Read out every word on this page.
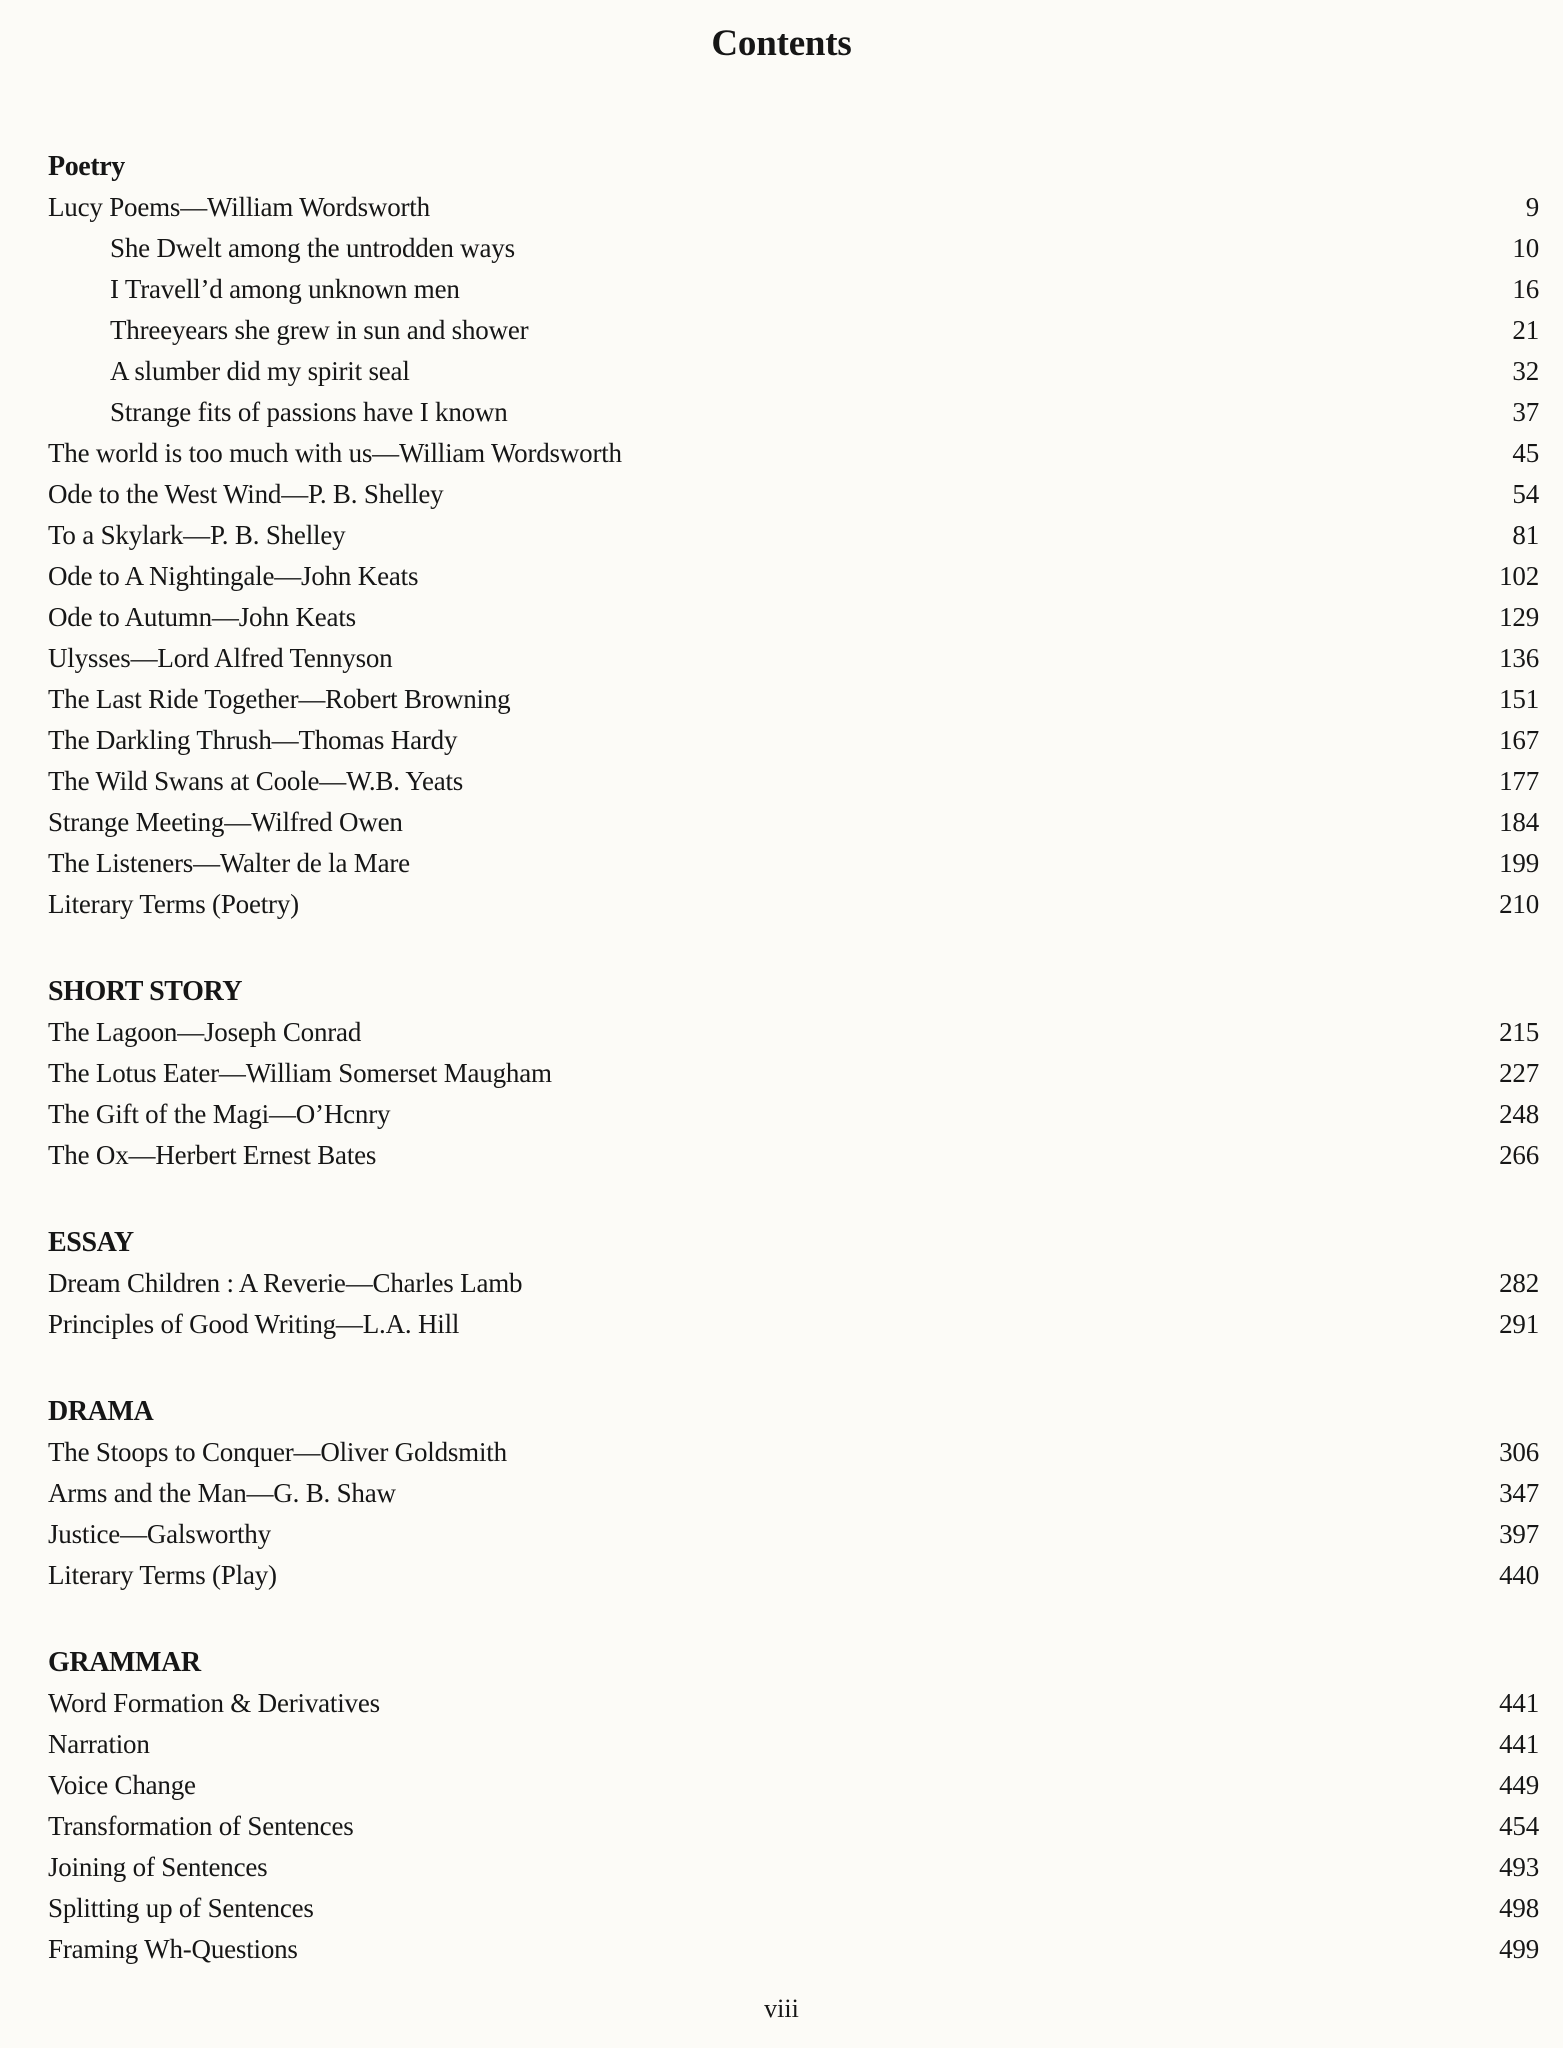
Contents
Poetry
Lucy Poems—William Wordsworth	9
She Dwelt among the untrodden ways	10
I Travell’d among unknown men	16
Threeyears she grew in sun and shower	21
A slumber did my spirit seal	32
Strange fits of passions have I known	37
The world is too much with us—William Wordsworth	45
Ode to the West Wind—P. B. Shelley	54
To a Skylark—P. B. Shelley	81
Ode to A Nightingale—John Keats	102
Ode to Autumn—John Keats	129
Ulysses—Lord Alfred Tennyson	136
The Last Ride Together—Robert Browning	151
The Darkling Thrush—Thomas Hardy	167
The Wild Swans at Coole—W.B. Yeats	177
Strange Meeting—Wilfred Owen	184
The Listeners—Walter de la Mare	199
Literary Terms (Poetry)	210
SHORT STORY
The Lagoon—Joseph Conrad	215
The Lotus Eater—William Somerset Maugham	227
The Gift of the Magi—O’Hcnry	248
The Ox—Herbert Ernest Bates	266
ESSAY
Dream Children : A Reverie—Charles Lamb	282
Principles of Good Writing—L.A. Hill	291
DRAMA
The Stoops to Conquer—Oliver Goldsmith	306
Arms and the Man—G. B. Shaw	347
Justice—Galsworthy	397
Literary Terms (Play)	440
GRAMMAR
Word Formation & Derivatives	441
Narration	441
Voice Change	449
Transformation of Sentences	454
Joining of Sentences	493
Splitting up of Sentences	498
Framing Wh-Questions	499
viii
